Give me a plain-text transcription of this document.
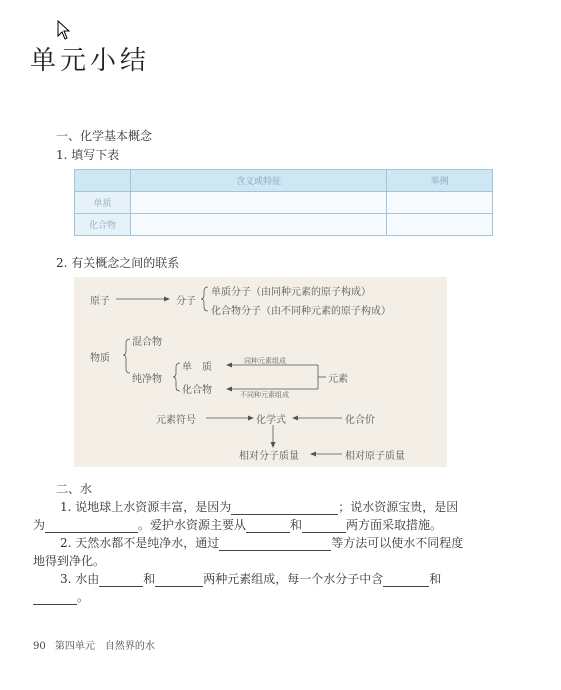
单元小结
一、化学基本概念
1. 填写下表
	含义或特征	举例
单质		
化合物		
2. 有关概念之间的联系
原子	分子
单质分子（由同种元素的原子构成）
化合物分子（由不同种元素的原子构成）
物质
混合物
纯净物
单　质
化合物
同种元素组成
不同种元素组成
元素
元素符号	化学式	化合价
相对分子质量	相对原子质量
二、水
1. 说地球上水资源丰富，是因为	；说水资源宝贵，是因
为	。爱护水资源主要从	和	两方面采取措施。
2. 天然水都不是纯净水，通过	等方法可以使水不同程度
地得到净化。
3. 水由	和	两种元素组成，每一个水分子中含	和
。
90 第四单元　自然界的水
